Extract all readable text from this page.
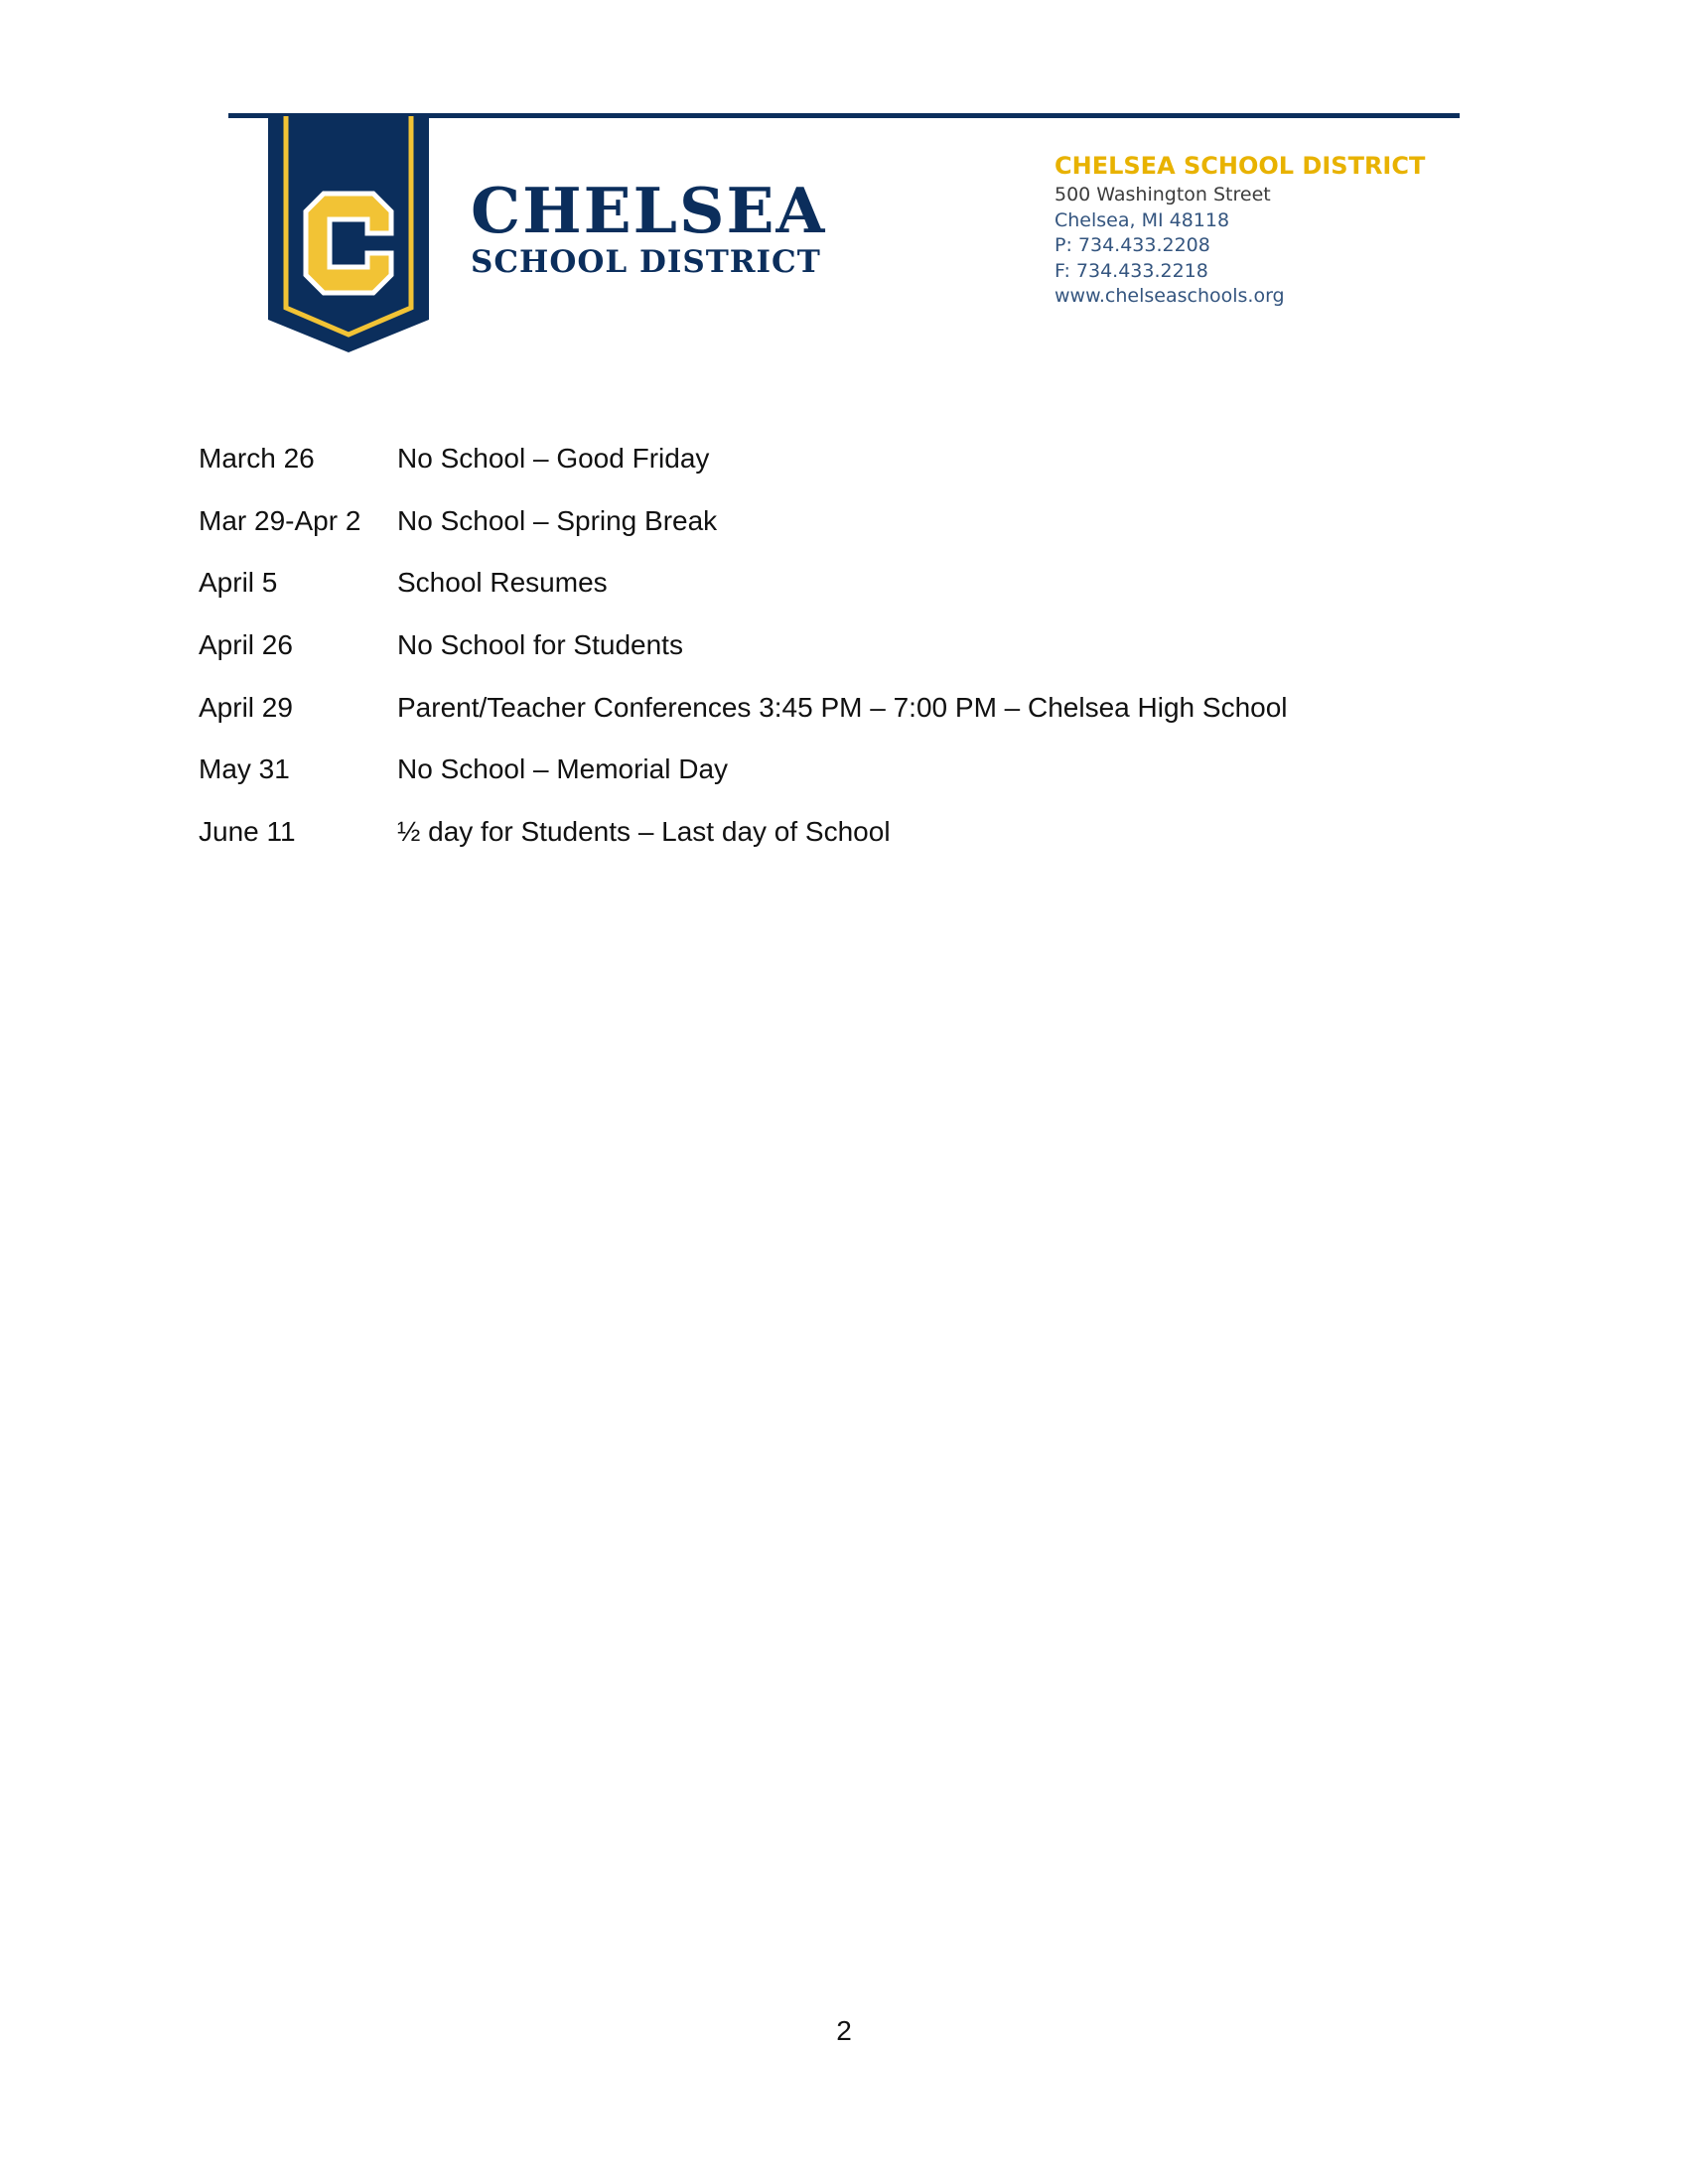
CHELSEA
SCHOOL DISTRICT
CHELSEA SCHOOL DISTRICT
500 Washington Street
Chelsea, MI 48118
P: 734.433.2208
F: 734.433.2218
www.chelseaschools.org
March 26	No School – Good Friday
Mar 29-Apr 2	No School – Spring Break
April 5	School Resumes
April 26	No School for Students
April 29	Parent/Teacher Conferences 3:45 PM – 7:00 PM – Chelsea High School
May 31	No School – Memorial Day
June 11	½ day for Students – Last day of School
2
